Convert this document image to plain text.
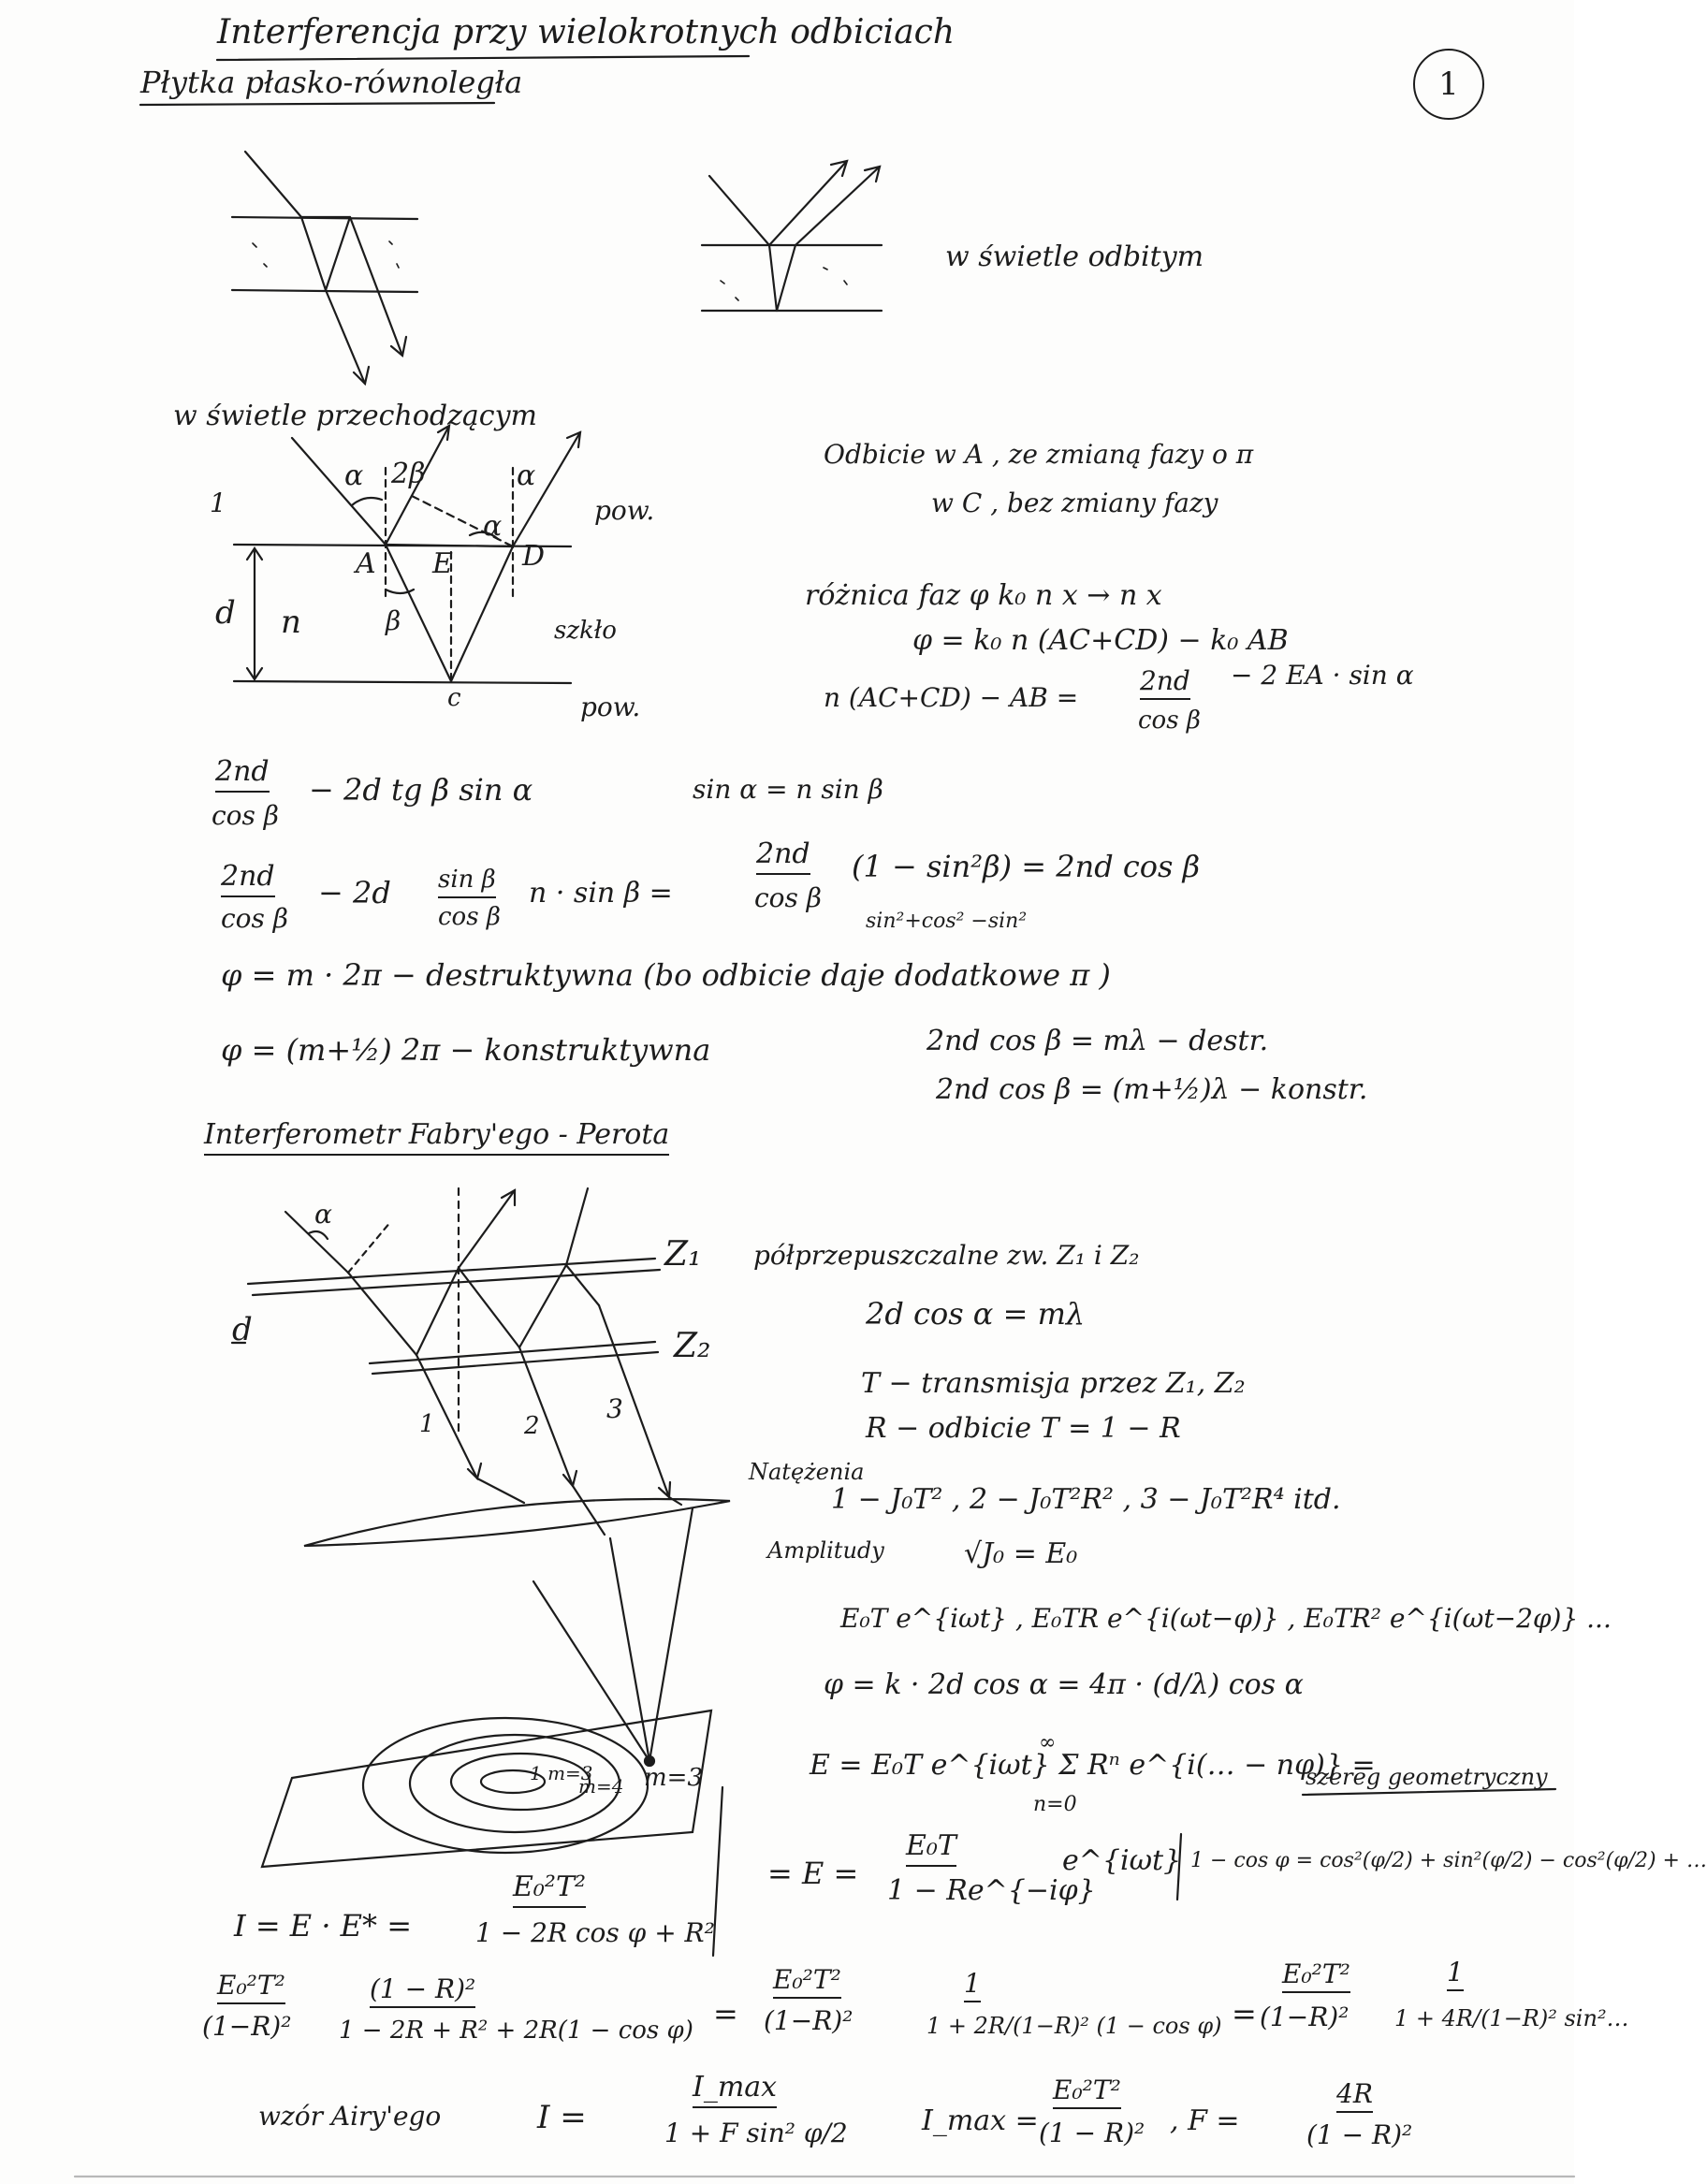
1
Interferencja przy wielokrotnych odbiciach
Płytka płasko-równoległa
w świetle odbitym
w świetle przechodzącym
α 2β	α
α
1
A E D
c
β
d n
pow.
pow.
szkło
Odbicie w A , ze zmianą fazy o π
w C , bez zmiany fazy
różnica faz φ k₀ n x → n x
φ = k₀ n (AC+CD) − k₀ AB
n (AC+CD) − AB =
2nd
cos β
− 2 EA · sin α
2nd
cos β
− 2d tg β sin α	sin α = n sin β
2nd
cos β
− 2d sin β
cos β
n · sin β =
2nd
cos β
(1 − sin²β) = 2nd cos β
sin²+cos² −sin²
φ = m · 2π − destruktywna (bo odbicie daje dodatkowe π )
φ = (m+½) 2π − konstruktywna	2nd cos β = mλ − destr.
2nd cos β = (m+½)λ − konstr.
Interferometr Fabry'ego - Perota
α
Z₁
Z₂
d
1	2
3
1 m=3
m=4 m=3
półprzepuszczalne zw. Z₁ i Z₂
2d cos α = mλ
T − transmisja przez Z₁, Z₂
R − odbicie T = 1 − R
Natężenia
1 − J₀T² , 2 − J₀T²R² , 3 − J₀T²R⁴ itd.
Amplitudy	√J₀ = E₀
E₀T e^{iωt} , E₀TR e^{i(ωt−φ)} , E₀TR² e^{i(ωt−2φ)} ...
φ = k · 2d cos α = 4π · (d/λ) cos α
E = E₀T e^{iωt} Σ Rⁿ e^{i(… − nφ)} =
∞
n=0
szereg geometryczny
= E =
E₀T
1 − Re^{−iφ}
e^{iωt} 1 − cos φ = cos²(φ/2) + sin²(φ/2) − cos²(φ/2) + …
I = E · E* =
E₀²T²
1 − 2R cos φ + R²
E₀²T²
(1−R)²
(1 − R)²
1 − 2R + R² + 2R(1 − cos φ) =
E₀²T²
(1−R)²
1
1 + 2R/(1−R)² (1 − cos φ) =
E₀²T²
(1−R)²
1
1 + 4R/(1−R)² sin²…
wzór Airy'ego	I =
I_max
1 + F sin² φ/2	I_max =
E₀²T²
(1 − R)² , F =
4R
(1 − R)²
